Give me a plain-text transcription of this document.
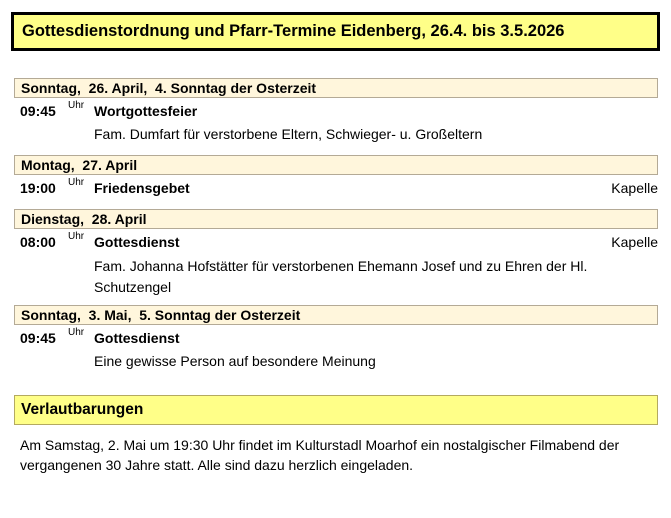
Gottesdienstordnung und Pfarr-Termine Eidenberg, 26.4. bis 3.5.2026
Sonntag,  26. April,  4. Sonntag der Osterzeit
09:45 Uhr Wortgottesfeier
Fam. Dumfart für verstorbene Eltern, Schwieger- u. Großeltern
Montag,  27. April
19:00 Uhr Friedensgebet	Kapelle
Dienstag,  28. April
08:00 Uhr Gottesdienst	Kapelle
Fam. Johanna Hofstätter für verstorbenen Ehemann Josef und zu Ehren der Hl. Schutzengel
Sonntag,  3. Mai,  5. Sonntag der Osterzeit
09:45 Uhr Gottesdienst
Eine gewisse Person auf besondere Meinung
Verlautbarungen
Am Samstag, 2. Mai um 19:30 Uhr findet im Kulturstadl Moarhof ein nostalgischer Filmabend der vergangenen 30 Jahre statt. Alle sind dazu herzlich eingeladen.
